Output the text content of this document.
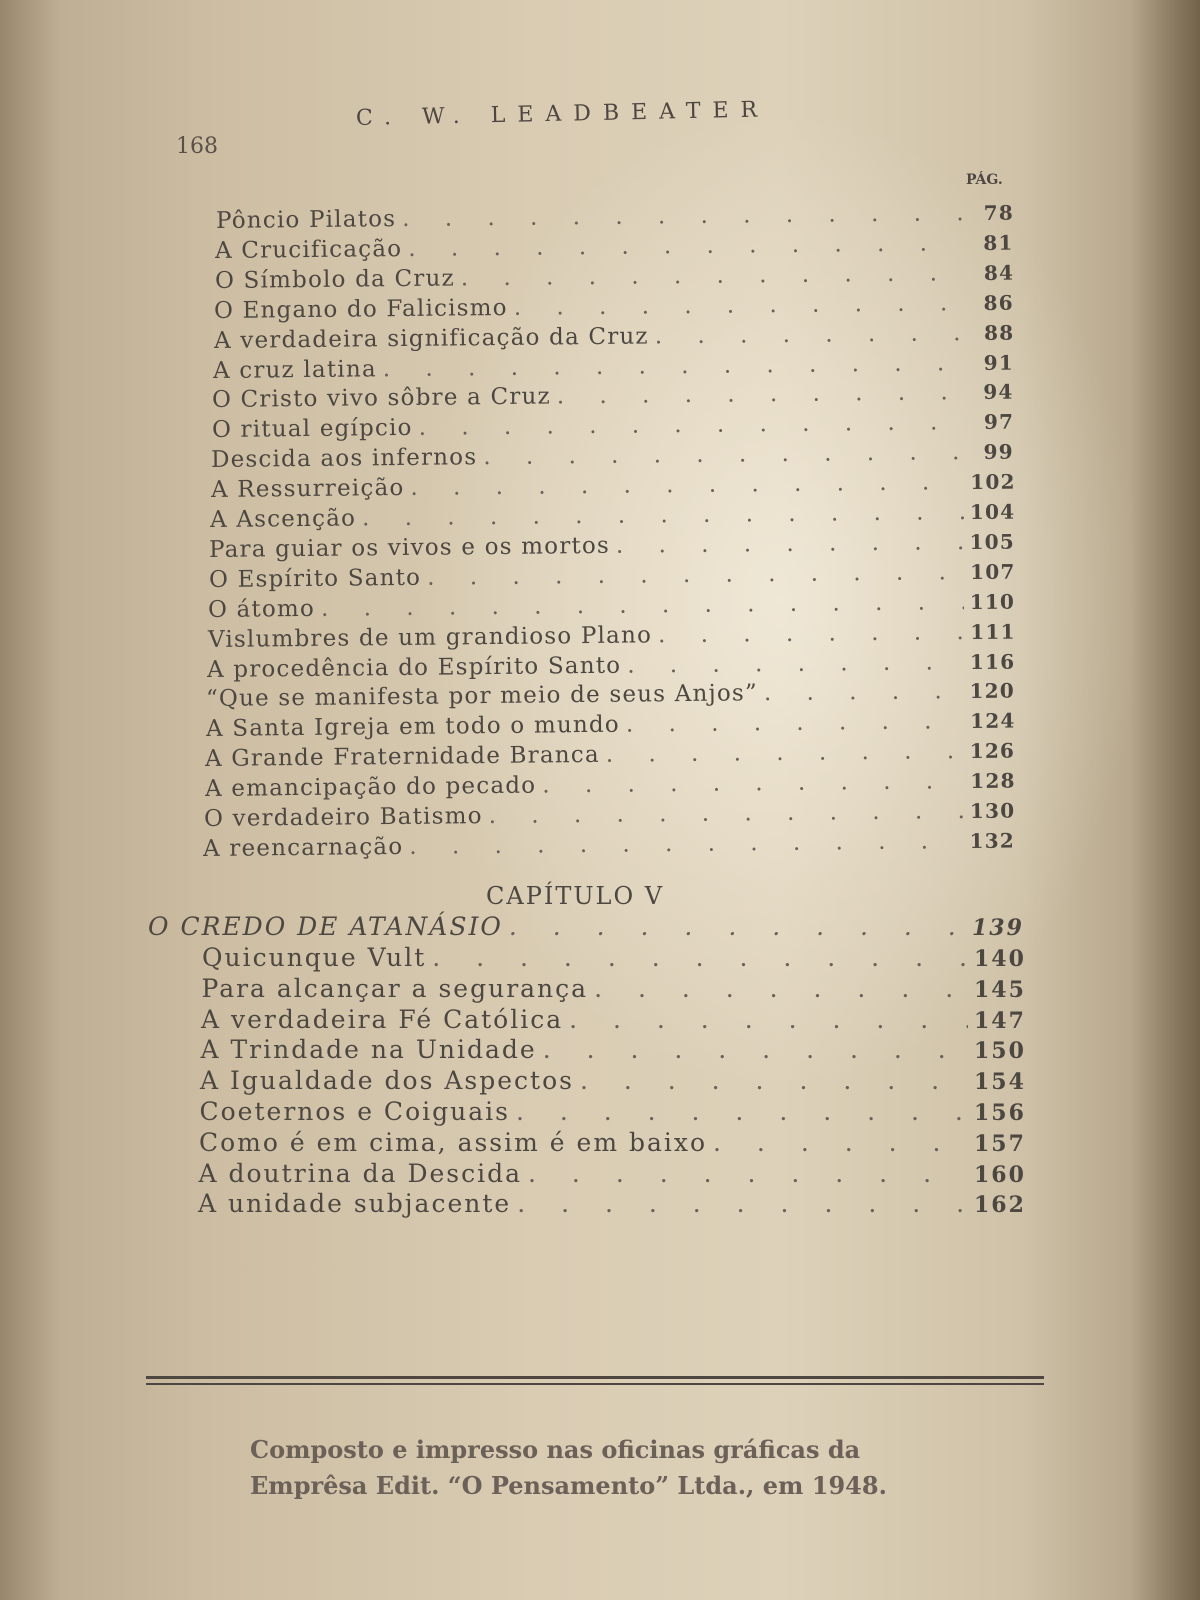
168
C. W. LEADBEATER
PÁG.
Pôncio Pilatos . . .	78
A Crucificação . . .	81
O Símbolo da Cruz . . .	84
O Engano do Falicismo . . .	86
A verdadeira significação da Cruz . . .	88
A cruz latina . . .	91
O Cristo vivo sôbre a Cruz . . .	94
O ritual egípcio . . .	97
Descida aos infernos . . .	99
A Ressurreição . . .	102
A Ascenção . . .	104
Para guiar os vivos e os mortos . . .	105
O Espírito Santo . . .	107
O átomo . . .	110
Vislumbres de um grandioso Plano . . .	111
A procedência do Espírito Santo . . .	116
“Que se manifesta por meio de seus Anjos” . . .	120
A Santa Igreja em todo o mundo . . .	124
A Grande Fraternidade Branca . . .	126
A emancipação do pecado . . .	128
O verdadeiro Batismo . . .	130
A reencarnação . . .	132
CAPÍTULO V
O CREDO DE ATANÁSIO . . .	139
Quicunque Vult . . .	140
Para alcançar a segurança . . .	145
A verdadeira Fé Católica . . .	147
A Trindade na Unidade . . .	150
A Igualdade dos Aspectos . . .	154
Coeternos e Coiguais . . .	156
Como é em cima, assim é em baixo . . .	157
A doutrina da Descida . . .	160
A unidade subjacente . . .	162
Composto e impresso nas oficinas gráficas da
Emprêsa Edit. “O Pensamento” Ltda., em 1948.
